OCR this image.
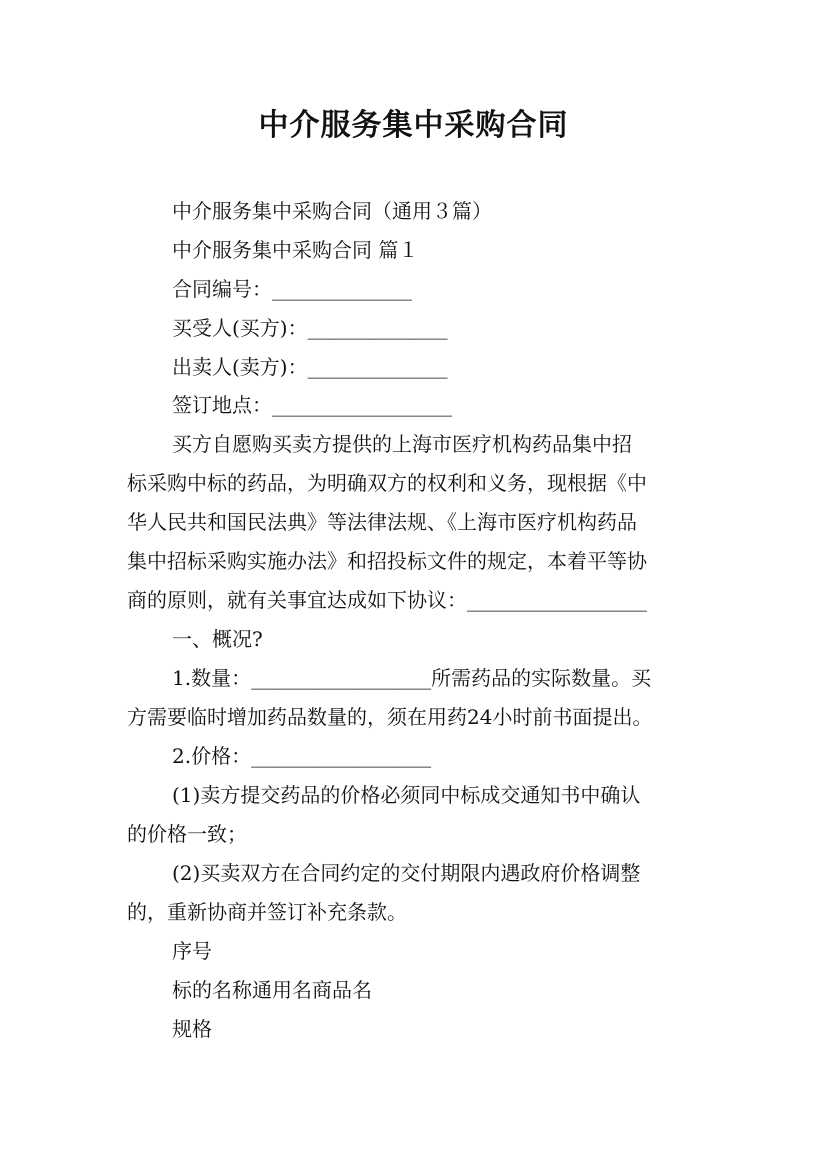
中介服务集中采购合同
中介服务集中采购合同（通用３篇）
中介服务集中采购合同 篇１
合同编号：______________
买受人(买方)：______________
出卖人(卖方)：______________
签订地点：__________________
买方自愿购买卖方提供的上海市医疗机构药品集中招
标采购中标的药品，为明确双方的权利和义务，现根据《中
华人民共和国民法典》等法律法规、《上海市医疗机构药品
集中招标采购实施办法》和招投标文件的规定，本着平等协
商的原则，就有关事宜达成如下协议：__________________
一、概况?
1.数量：__________________所需药品的实际数量。买
方需要临时增加药品数量的，须在用药24小时前书面提出。
2.价格：__________________
(1)卖方提交药品的价格必须同中标成交通知书中确认
的价格一致；
(2)买卖双方在合同约定的交付期限内遇政府价格调整
的，重新协商并签订补充条款。
序号
标的名称通用名商品名
规格
